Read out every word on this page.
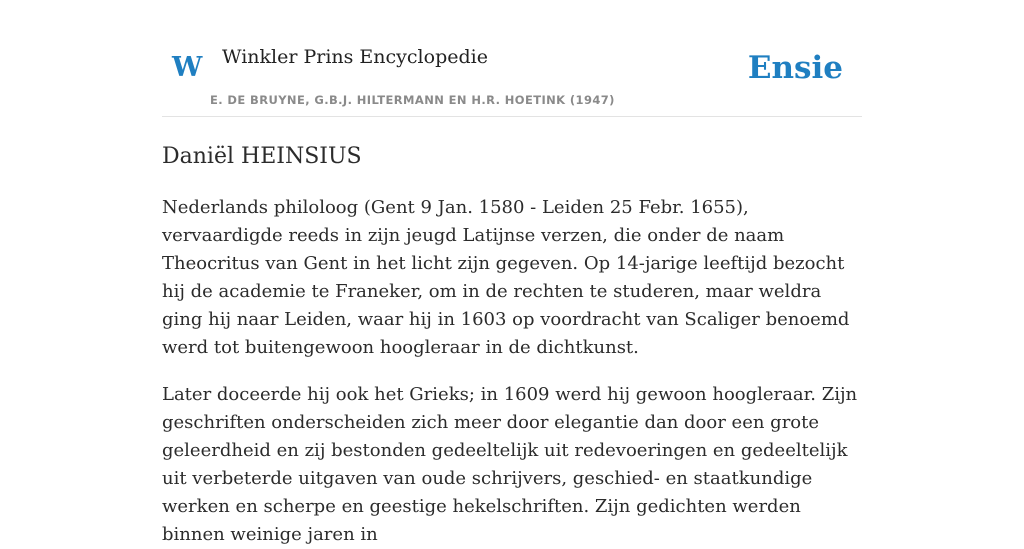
W Winkler Prins Encyclopedie
E. DE BRUYNE, G.B.J. HILTERMANN EN H.R. HOETINK (1947)
Ensie
Daniël HEINSIUS

Nederlands philoloog (Gent 9 Jan. 1580 - Leiden 25 Febr. 1655), vervaardigde reeds in zijn jeugd Latijnse verzen, die onder de naam Theocritus van Gent in het licht zijn gegeven. Op 14-jarige leeftijd bezocht hij de academie te Franeker, om in de rechten te studeren, maar weldra ging hij naar Leiden, waar hij in 1603 op voordracht van Scaliger benoemd werd tot buitengewoon hoogleraar in de dichtkunst.

Later doceerde hij ook het Grieks; in 1609 werd hij gewoon hoogleraar. Zijn geschriften onderscheiden zich meer door elegantie dan door een grote geleerdheid en zij bestonden gedeeltelijk uit redevoeringen en gedeeltelijk uit verbeterde uitgaven van oude schrijvers, geschied- en staatkundige werken en scherpe en geestige hekelschriften. Zijn gedichten werden binnen weinige jaren in
